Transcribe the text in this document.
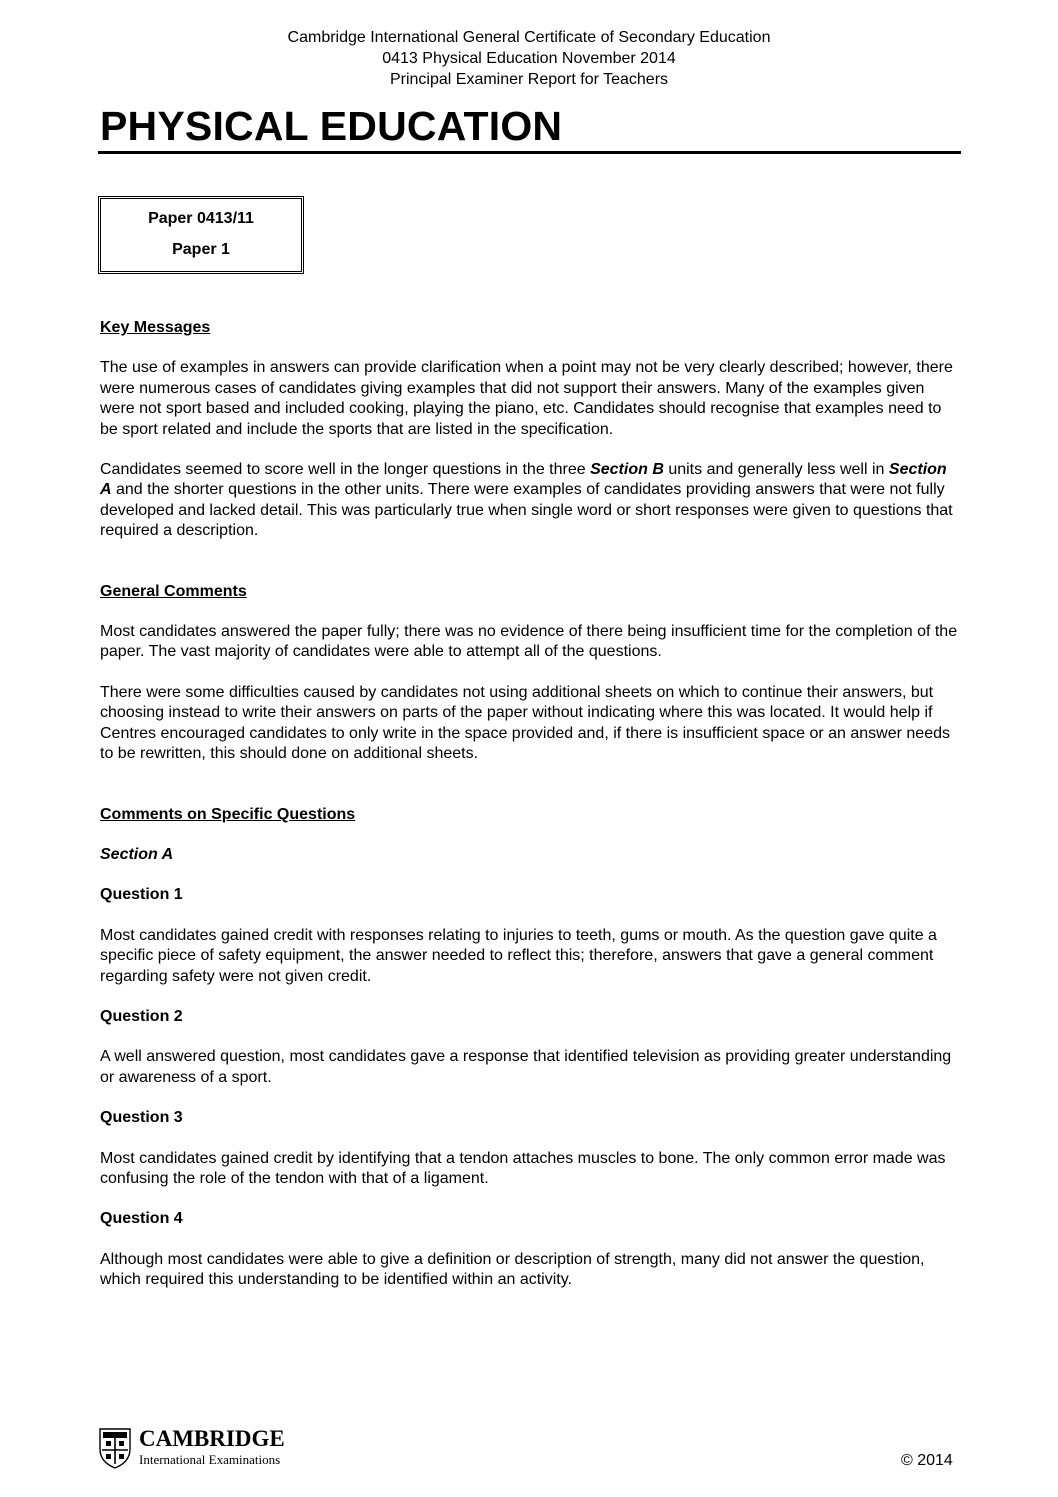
Cambridge International General Certificate of Secondary Education
0413 Physical Education November 2014
Principal Examiner Report for Teachers
PHYSICAL EDUCATION
Paper 0413/11
Paper 1
Key Messages

The use of examples in answers can provide clarification when a point may not be very clearly described; however, there were numerous cases of candidates giving examples that did not support their answers. Many of the examples given were not sport based and included cooking, playing the piano, etc. Candidates should recognise that examples need to be sport related and include the sports that are listed in the specification.

Candidates seemed to score well in the longer questions in the three Section B units and generally less well in Section A and the shorter questions in the other units. There were examples of candidates providing answers that were not fully developed and lacked detail. This was particularly true when single word or short responses were given to questions that required a description.

General Comments

Most candidates answered the paper fully; there was no evidence of there being insufficient time for the completion of the paper. The vast majority of candidates were able to attempt all of the questions.

There were some difficulties caused by candidates not using additional sheets on which to continue their answers, but choosing instead to write their answers on parts of the paper without indicating where this was located. It would help if Centres encouraged candidates to only write in the space provided and, if there is insufficient space or an answer needs to be rewritten, this should done on additional sheets.

Comments on Specific Questions

Section A

Question 1

Most candidates gained credit with responses relating to injuries to teeth, gums or mouth. As the question gave quite a specific piece of safety equipment, the answer needed to reflect this; therefore, answers that gave a general comment regarding safety were not given credit.

Question 2

A well answered question, most candidates gave a response that identified television as providing greater understanding or awareness of a sport.

Question 3

Most candidates gained credit by identifying that a tendon attaches muscles to bone. The only common error made was confusing the role of the tendon with that of a ligament.

Question 4

Although most candidates were able to give a definition or description of strength, many did not answer the question, which required this understanding to be identified within an activity.

CAMBRIDGE
International Examinations	© 2014
